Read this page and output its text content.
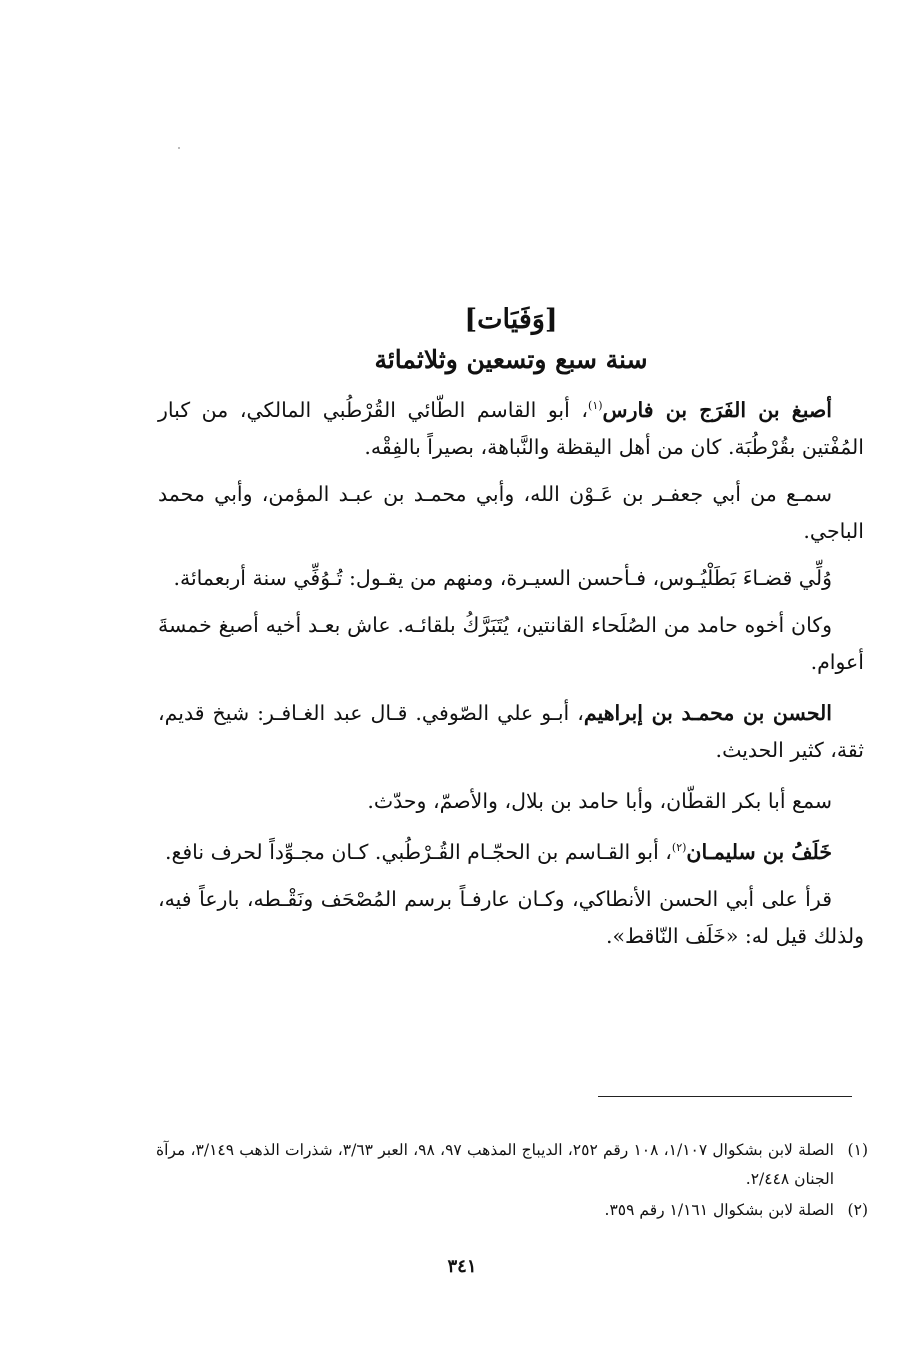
[وَفَيَات]

سنة سبع وتسعين وثلاثمائة

أصبغ بن الفَرَج بن فارس$^{(١)}$، أبو القاسم الطّائي القُرْطُبي المالكي، من كبار المُفْتين بقُرْطُبَة. كان من أهل اليقظة والنَّباهة، بصيراً بالفِقْه.

سمـع من أبي جعفـر بن عَـوْن الله، وأبي محمـد بن عبـد المؤمن، وأبي محمد الباجي.

وُلِّي قضـاءَ بَطَلْيُـوس، فـأحسن السيـرة، ومنهم من يقـول: تُـوُفِّي سنة أربعمائة.

وكان أخوه حامد من الصُلَحاء القانتين، يُتَبَرَّكُ بلقائـه. عاش بعـد أخيه أصبغ خمسةَ أعوام.

الحسن بن محمـد بن إبراهيم، أبـو علي الصّوفي. قـال عبد الغـافـر: شيخ قديم، ثقة، كثير الحديث.

سمع أبا بكر القطّان، وأبا حامد بن بلال، والأصمّ، وحدّث.

خَلَفُ بن سليمـان$^{(٢)}$، أبو القـاسم بن الحجّـام القُـرْطُبي. كـان مجـوِّداً لحرف نافع.

قرأ على أبي الحسن الأنطاكي، وكـان عارفـاً برسم المُصْحَف ونَقْـطه، بارعاً فيه، ولذلك قيل له: «خَلَف النّاقط».

(١)
الصلة لابن بشكوال ١/١٠٧، ١٠٨ رقم ٢٥٢، الديباج المذهب ٩٧، ٩٨، العبر ٣/٦٣، شذرات الذهب ٣/١٤٩، مرآة الجنان ٢/٤٤٨.

(٢)
الصلة لابن بشكوال ١/١٦١ رقم ٣٥٩.

٣٤١
